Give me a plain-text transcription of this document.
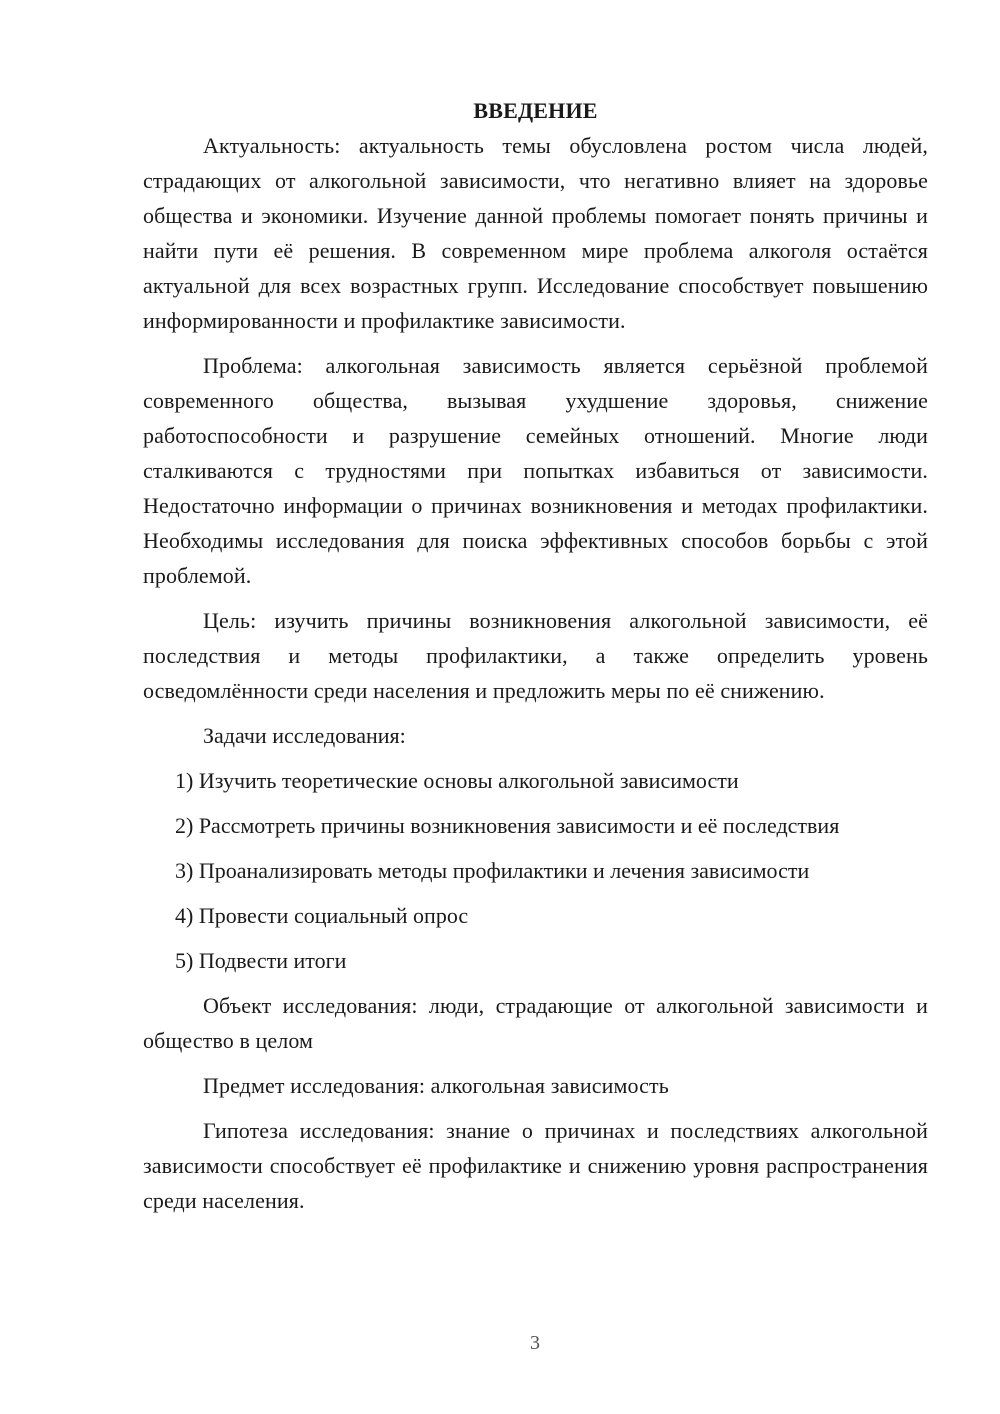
ВВЕДЕНИЕ

Актуальность: актуальность темы обусловлена ростом числа людей, страдающих от алкогольной зависимости, что негативно влияет на здоровье общества и экономики. Изучение данной проблемы помогает понять причины и найти пути её решения. В современном мире проблема алкоголя остаётся актуальной для всех возрастных групп. Исследование способствует повышению информированности и профилактике зависимости.

Проблема: алкогольная зависимость является серьёзной проблемой современного общества, вызывая ухудшение здоровья, снижение работоспособности и разрушение семейных отношений. Многие люди сталкиваются с трудностями при попытках избавиться от зависимости. Недостаточно информации о причинах возникновения и методах профилактики. Необходимы исследования для поиска эффективных способов борьбы с этой проблемой.

Цель: изучить причины возникновения алкогольной зависимости, её последствия и методы профилактики, а также определить уровень осведомлённости среди населения и предложить меры по её снижению.

Задачи исследования:

1) Изучить теоретические основы алкогольной зависимости
2) Рассмотреть причины возникновения зависимости и её последствия
3) Проанализировать методы профилактики и лечения зависимости
4) Провести социальный опрос
5) Подвести итоги

Объект исследования: люди, страдающие от алкогольной зависимости и общество в целом

Предмет исследования: алкогольная зависимость

Гипотеза исследования: знание о причинах и последствиях алкогольной зависимости способствует её профилактике и снижению уровня распространения среди населения.

3
